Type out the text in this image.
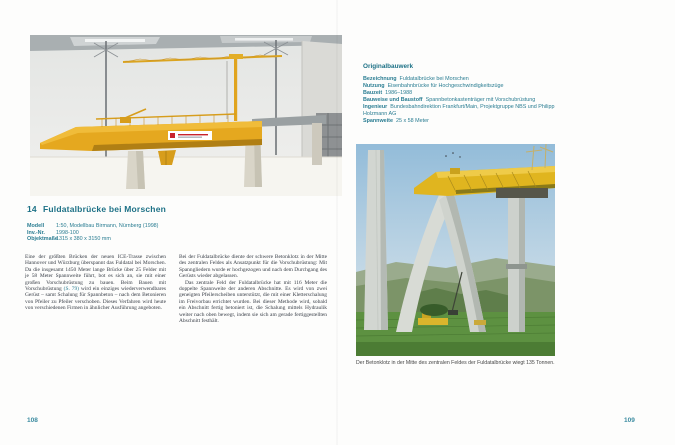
14 Fuldatalbrücke bei Morschen
Modell 1:50, Modellbau Birmann, Nürnberg (1998)
Inv.-Nr. 1998-100
Objektmaße1315 x 380 x 3150 mm
Eine der größten Brücken der neuen ICE-Trasse zwischen Hannover und Würzburg überspannt das Fuldatal bei Morschen. Da die insgesamt 1450 Meter lange Brücke über 25 Felder mit je 58 Meter Spannweite führt, bot es sich an, sie mit einer großen Vorschubrüstung zu bauen. Beim Bauen mit Vorschubrüstung (S. 79) wird ein einziges wiederverwendbares Gerüst – samt Schalung für Spannbeton – nach dem Betonieren von Pfeiler zu Pfeiler verschoben. Dieses Verfahren wird heute von verschiedenen Firmen in ähnlicher Ausführung angeboten.
Bei der Fuldatalbrücke diente der schwere Betonklotz in der Mitte des zentralen Feldes als Ansatzpunkt für die Vorschubrüstung: Mit Spanngliedern wurde er hochgezogen und nach dem Durchgang des Gerüsts wieder abgelassen.
Das zentrale Feld der Fuldatalbrücke hat mit 116 Meter die doppelte Spannweite der anderen Abschnitte. Es wird von zwei geneigten Pfeilerscheiben unterstützt, die mit einer Kletterschalung im Freivorbau errichtet wurden. Bei dieser Methode wird, sobald ein Abschnitt fertig betoniert ist, die Schalung mittels Hydraulik weiter nach oben bewegt, indem sie sich am gerade fertiggestellten Abschnitt festhält.
108
Originalbauwerk
Bezeichnung Fuldatalbrücke bei Morschen
Nutzung Eisenbahnbrücke für Hochgeschwindigkeitszüge
Bauzeit 1986–1988
Bauweise und Baustoff Spannbetonkastenträger mit Vorschubrüstung
Ingenieur Bundesbahndirektion Frankfurt/Main, Projektgruppe NBS und Philipp Holzmann AG
Spannweite 25 x 58 Meter
Der Betonklotz in der Mitte des zentralen Feldes der Fuldatalbrücke wiegt 135 Tonnen.
109
